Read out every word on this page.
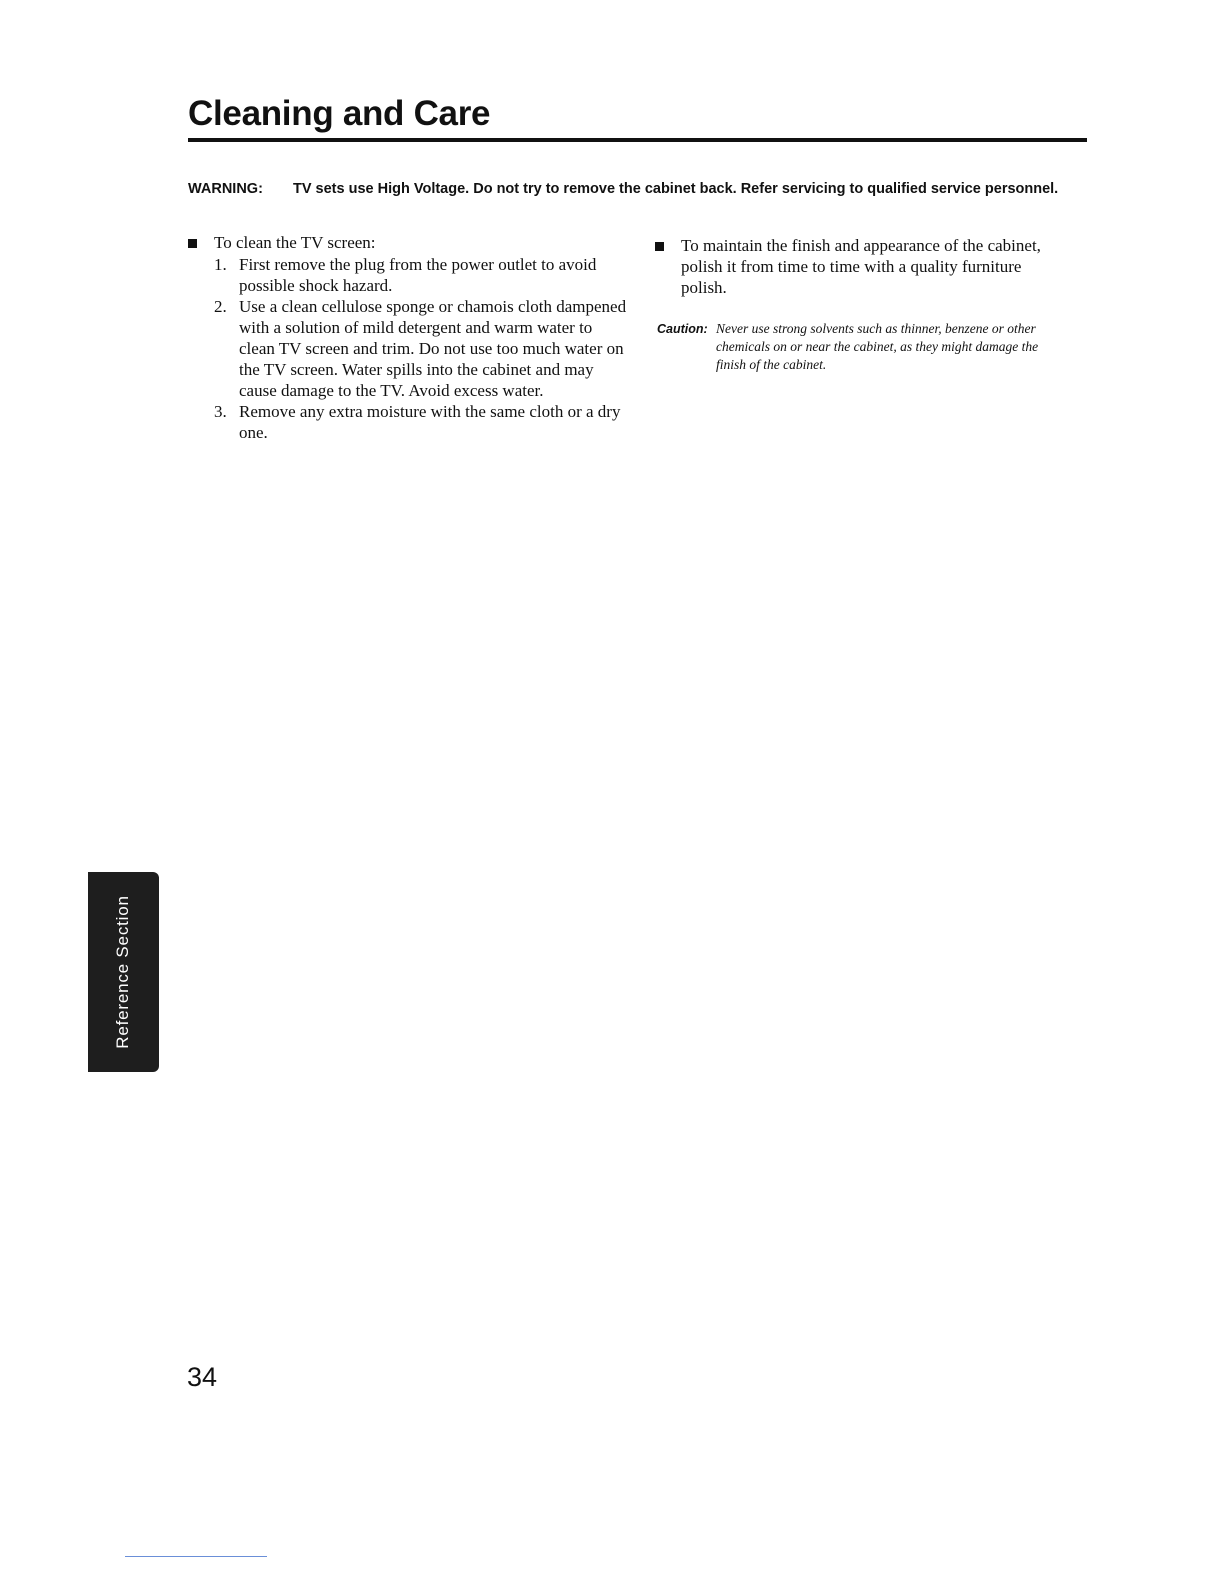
Cleaning and Care
WARNING: TV sets use High Voltage. Do not try to remove the cabinet back. Refer servicing to qualified service personnel.
To clean the TV screen:
1. First remove the plug from the power outlet to avoid possible shock hazard.
2. Use a clean cellulose sponge or chamois cloth dampened with a solution of mild detergent and warm water to clean TV screen and trim. Do not use too much water on the TV screen. Water spills into the cabinet and may cause damage to the TV. Avoid excess water.
3. Remove any extra moisture with the same cloth or a dry one.
To maintain the finish and appearance of the cabinet, polish it from time to time with a quality furniture polish.
Caution: Never use strong solvents such as thinner, benzene or other chemicals on or near the cabinet, as they might damage the finish of the cabinet.
Reference Section
34
